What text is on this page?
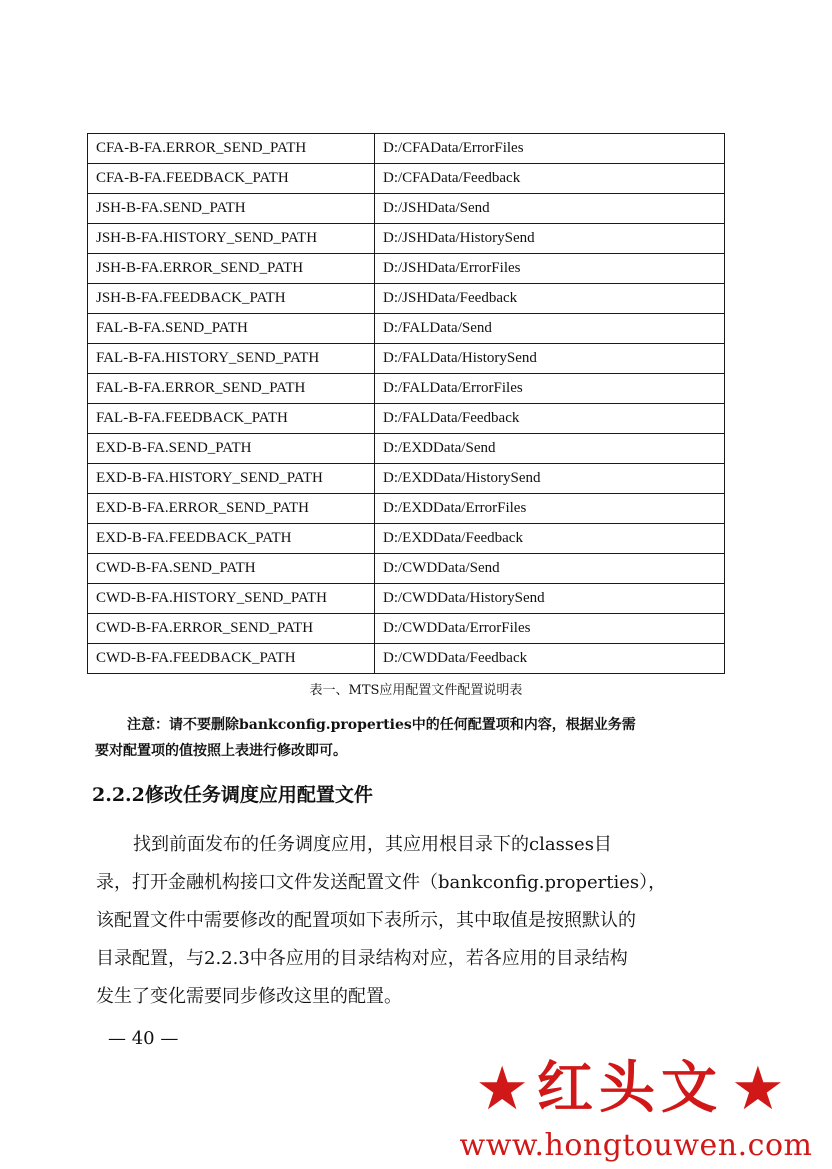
CFA-B-FA.ERROR_SEND_PATH	D:/CFAData/ErrorFiles
CFA-B-FA.FEEDBACK_PATH	D:/CFAData/Feedback
JSH-B-FA.SEND_PATH	D:/JSHData/Send
JSH-B-FA.HISTORY_SEND_PATH	D:/JSHData/HistorySend
JSH-B-FA.ERROR_SEND_PATH	D:/JSHData/ErrorFiles
JSH-B-FA.FEEDBACK_PATH	D:/JSHData/Feedback
FAL-B-FA.SEND_PATH	D:/FALData/Send
FAL-B-FA.HISTORY_SEND_PATH	D:/FALData/HistorySend
FAL-B-FA.ERROR_SEND_PATH	D:/FALData/ErrorFiles
FAL-B-FA.FEEDBACK_PATH	D:/FALData/Feedback
EXD-B-FA.SEND_PATH	D:/EXDData/Send
EXD-B-FA.HISTORY_SEND_PATH	D:/EXDData/HistorySend
EXD-B-FA.ERROR_SEND_PATH	D:/EXDData/ErrorFiles
EXD-B-FA.FEEDBACK_PATH	D:/EXDData/Feedback
CWD-B-FA.SEND_PATH	D:/CWDData/Send
CWD-B-FA.HISTORY_SEND_PATH	D:/CWDData/HistorySend
CWD-B-FA.ERROR_SEND_PATH	D:/CWDData/ErrorFiles
CWD-B-FA.FEEDBACK_PATH	D:/CWDData/Feedback
表一、MTS应用配置文件配置说明表

注意：请不要删除bankconfig.properties中的任何配置项和内容，根据业务需

要对配置项的值按照上表进行修改即可。

2.2.2修改任务调度应用配置文件
找到前面发布的任务调度应用，其应用根目录下的classes目
录，打开金融机构接口文件发送配置文件（bankconfig.properties），
该配置文件中需要修改的配置项如下表所示，其中取值是按照默认的
目录配置，与2.2.3中各应用的目录结构对应，若各应用的目录结构
发生了变化需要同步修改这里的配置。
— 40 —
★ 红头文 ★
www.hongtouwen.com
